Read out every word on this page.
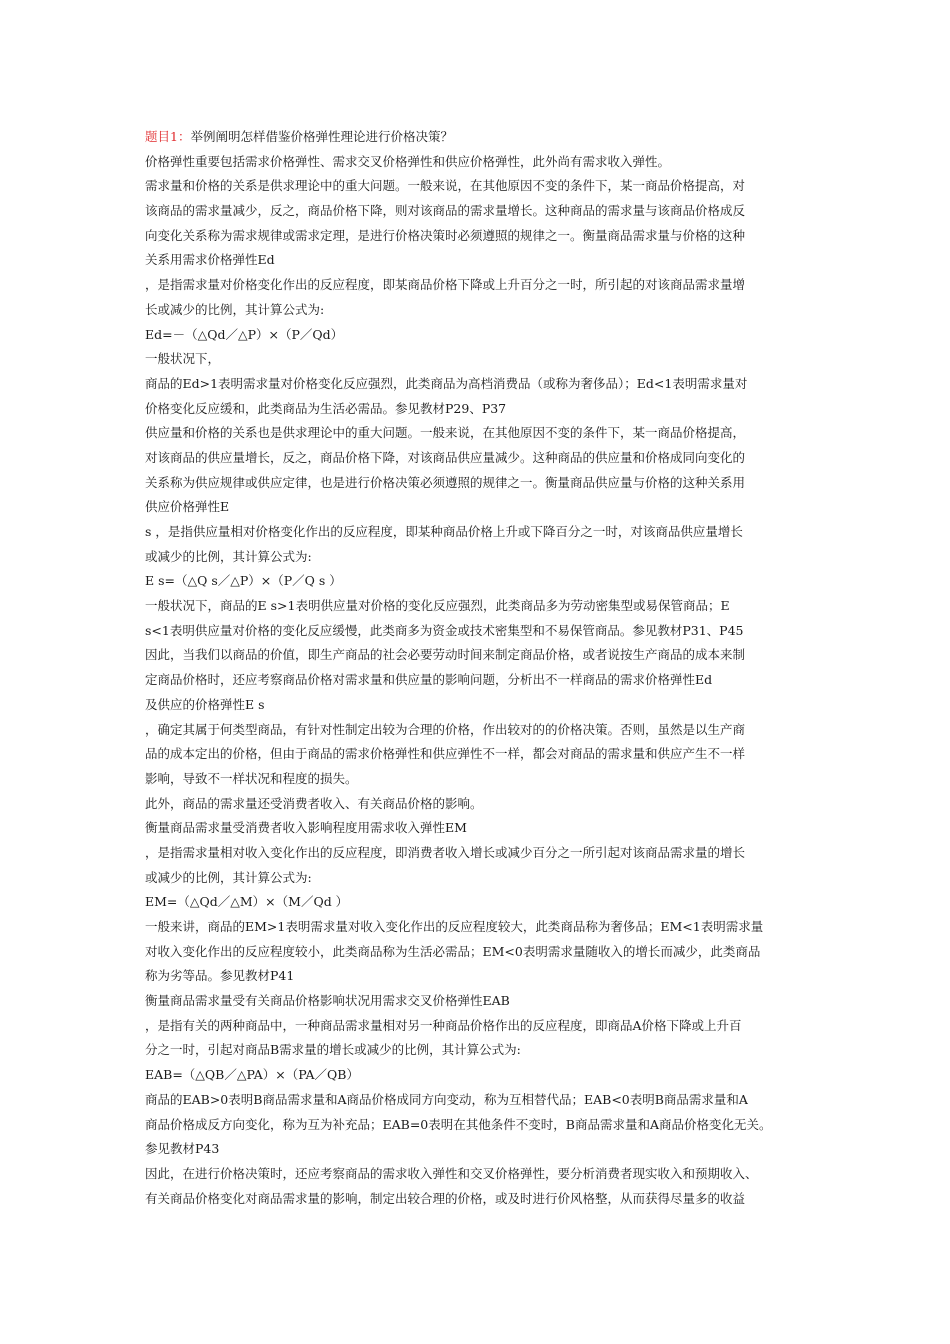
题目1：举例阐明怎样借鉴价格弹性理论进行价格决策？
价格弹性重要包括需求价格弹性、需求交叉价格弹性和供应价格弹性，此外尚有需求收入弹性。
需求量和价格的关系是供求理论中的重大问题。一般来说，在其他原因不变的条件下，某一商品价格提高，对
该商品的需求量减少，反之，商品价格下降，则对该商品的需求量增长。这种商品的需求量与该商品价格成反
向变化关系称为需求规律或需求定理，是进行价格决策时必须遵照的规律之一。衡量商品需求量与价格的这种
关系用需求价格弹性Ed
，是指需求量对价格变化作出的反应程度，即某商品价格下降或上升百分之一时，所引起的对该商品需求量增
长或减少的比例，其计算公式为:
Ed=－（△Qd／△P）×（P／Qd）
一般状况下，
商品的Ed>1表明需求量对价格变化反应强烈，此类商品为高档消费品（或称为奢侈品）；Ed<1表明需求量对
价格变化反应缓和，此类商品为生活必需品。参见教材P29、P37
供应量和价格的关系也是供求理论中的重大问题。一般来说，在其他原因不变的条件下，某一商品价格提高，
对该商品的供应量增长，反之，商品价格下降，对该商品供应量减少。这种商品的供应量和价格成同向变化的
关系称为供应规律或供应定律，也是进行价格决策必须遵照的规律之一。衡量商品供应量与价格的这种关系用
供应价格弹性E
s ，是指供应量相对价格变化作出的反应程度，即某种商品价格上升或下降百分之一时，对该商品供应量增长
或减少的比例，其计算公式为:
E s=（△Q s／△P）×（P／Q s ）
一般状况下，商品的E s>1表明供应量对价格的变化反应强烈，此类商品多为劳动密集型或易保管商品；E
s<1表明供应量对价格的变化反应缓慢，此类商多为资金或技术密集型和不易保管商品。参见教材P31、P45
因此，当我们以商品的价值，即生产商品的社会必要劳动时间来制定商品价格，或者说按生产商品的成本来制
定商品价格时，还应考察商品价格对需求量和供应量的影响问题，分析出不一样商品的需求价格弹性Ed
及供应的价格弹性E s
，确定其属于何类型商品，有针对性制定出较为合理的价格，作出较对的的价格决策。否则，虽然是以生产商
品的成本定出的价格，但由于商品的需求价格弹性和供应弹性不一样，都会对商品的需求量和供应产生不一样
影响，导致不一样状况和程度的损失。
此外，商品的需求量还受消费者收入、有关商品价格的影响。
衡量商品需求量受消费者收入影响程度用需求收入弹性EM
，是指需求量相对收入变化作出的反应程度，即消费者收入增长或减少百分之一所引起对该商品需求量的增长
或减少的比例，其计算公式为:
EM=（△Qd／△M）×（M／Qd ）
一般来讲，商品的EM>1表明需求量对收入变化作出的反应程度较大，此类商品称为奢侈品；EM<1表明需求量
对收入变化作出的反应程度较小，此类商品称为生活必需品；EM<0表明需求量随收入的增长而减少，此类商品
称为劣等品。参见教材P41
衡量商品需求量受有关商品价格影响状况用需求交叉价格弹性EAB
，是指有关的两种商品中，一种商品需求量相对另一种商品价格作出的反应程度，即商品A价格下降或上升百
分之一时，引起对商品B需求量的增长或减少的比例，其计算公式为:
EAB=（△QB／△PA）×（PA／QB）
商品的EAB>0表明B商品需求量和A商品价格成同方向变动，称为互相替代品；EAB<0表明B商品需求量和A
商品价格成反方向变化，称为互为补充品；EAB=0表明在其他条件不变时，B商品需求量和A商品价格变化无关。
参见教材P43
因此，在进行价格决策时，还应考察商品的需求收入弹性和交叉价格弹性，要分析消费者现实收入和预期收入、
有关商品价格变化对商品需求量的影响，制定出较合理的价格，或及时进行价风格整，从而获得尽量多的收益
